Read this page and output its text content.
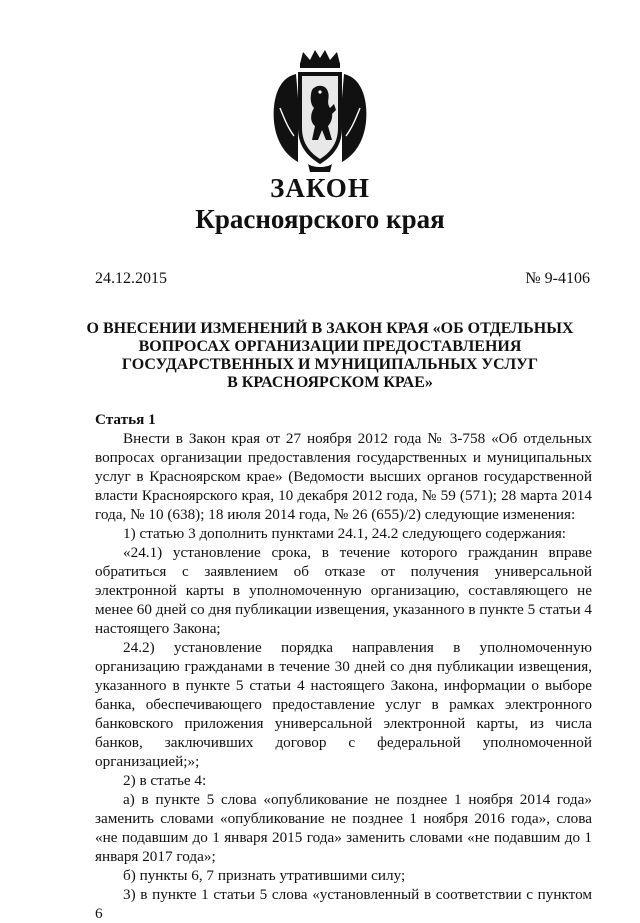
ЗАКОН
Красноярского края
24.12.2015	№ 9-4106
О ВНЕСЕНИИ ИЗМЕНЕНИЙ В ЗАКОН КРАЯ «ОБ ОТДЕЛЬНЫХ
ВОПРОСАХ ОРГАНИЗАЦИИ ПРЕДОСТАВЛЕНИЯ
ГОСУДАРСТВЕННЫХ И МУНИЦИПАЛЬНЫХ УСЛУГ
В КРАСНОЯРСКОМ КРАЕ»

Статья 1

Внести в Закон края от 27 ноября 2012 года № 3-758 «Об отдельных вопросах организации предоставления государственных и муниципальных услуг в Красноярском крае» (Ведомости высших органов государственной власти Красноярского края, 10 декабря 2012 года, № 59 (571); 28 марта 2014 года, № 10 (638); 18 июля 2014 года, № 26 (655)/2) следующие изменения:

1) статью 3 дополнить пунктами 24.1, 24.2 следующего содержания:

«24.1) установление срока, в течение которого гражданин вправе обратиться с заявлением об отказе от получения универсальной электронной карты в уполномоченную организацию, составляющего не менее 60 дней со дня публикации извещения, указанного в пункте 5 статьи 4 настоящего Закона;

24.2) установление порядка направления в уполномоченную организацию гражданами в течение 30 дней со дня публикации извещения, указанного в пункте 5 статьи 4 настоящего Закона, информации о выборе банка, обеспечивающего предоставление услуг в рамках электронного банковского приложения универсальной электронной карты, из числа банков, заключивших договор с федеральной уполномоченной организацией;»;

2) в статье 4:

а) в пункте 5 слова «опубликование не позднее 1 ноября 2014 года» заменить словами «опубликование не позднее 1 ноября 2016 года», слова «не подавшим до 1 января 2015 года» заменить словами «не подавшим до 1 января 2017 года»;

б) пункты 6, 7 признать утратившими силу;

3) в пункте 1 статьи 5 слова «установленный в соответствии с пунктом 6
